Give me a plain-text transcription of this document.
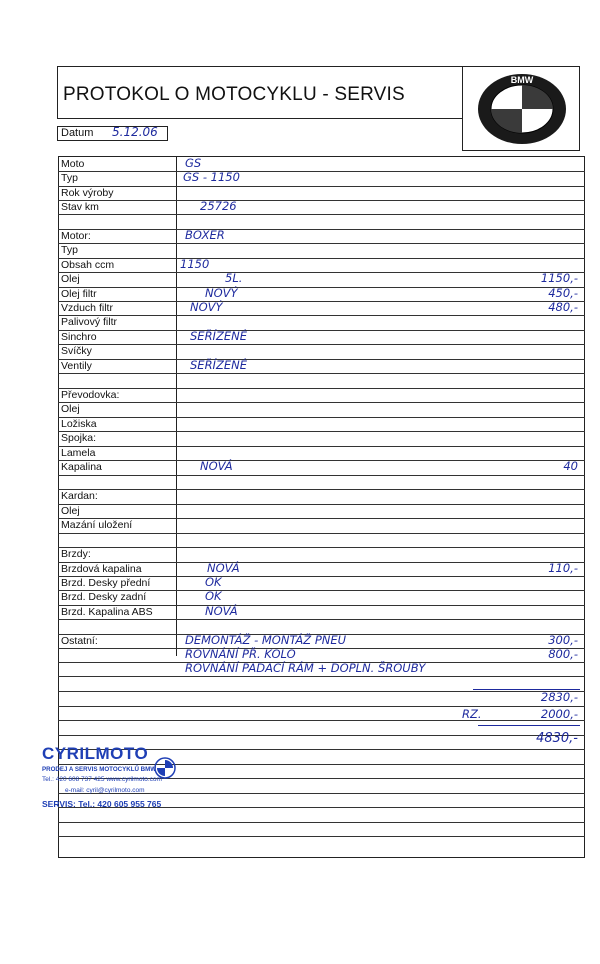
PROTOKOL O MOTOCYKLU - SERVIS
BMW
Datum 5.12.06
Moto	GS
Typ	GS - 1150
Rok výroby
Stav km	25726
Motor:	BOXER
Typ
Obsah ccm	1150
Olej	5L.	1150,-
Olej filtr	NOVÝ	450,-
Vzduch filtr	NOVÝ	480,-
Palivový filtr
Sinchro	SEŘÍZENÉ
Svíčky
Ventily	SEŘÍZENÉ
Převodovka:
Olej
Ložiska
Spojka:
Lamela
Kapalina	NOVÁ	40
Kardan:
Olej
Mazání uložení
Brzdy:
Brzdová kapalina	NOVÁ	110,-
Brzd. Desky přední	OK
Brzd. Desky zadní	OK
Brzd. Kapalina ABS	NOVÁ
Ostatní:	DEMONTÁŽ - MONTÁŽ PNEU	300,-
ROVNÁNÍ PŘ. KOLO	800,-
ROVNÁNÍ PADACÍ RÁM + DOPLN. ŠROUBY
2830,-
RZ.	2000,-
4830,-
CYRILMOTO
PRODEJ A SERVIS MOTOCYKLŮ BMW
Tel.: 420 608 737 425 www.cyrilmoto.com
e-mail: cyril@cyrilmoto.com
SERVIS: Tel.: 420 605 955 765
